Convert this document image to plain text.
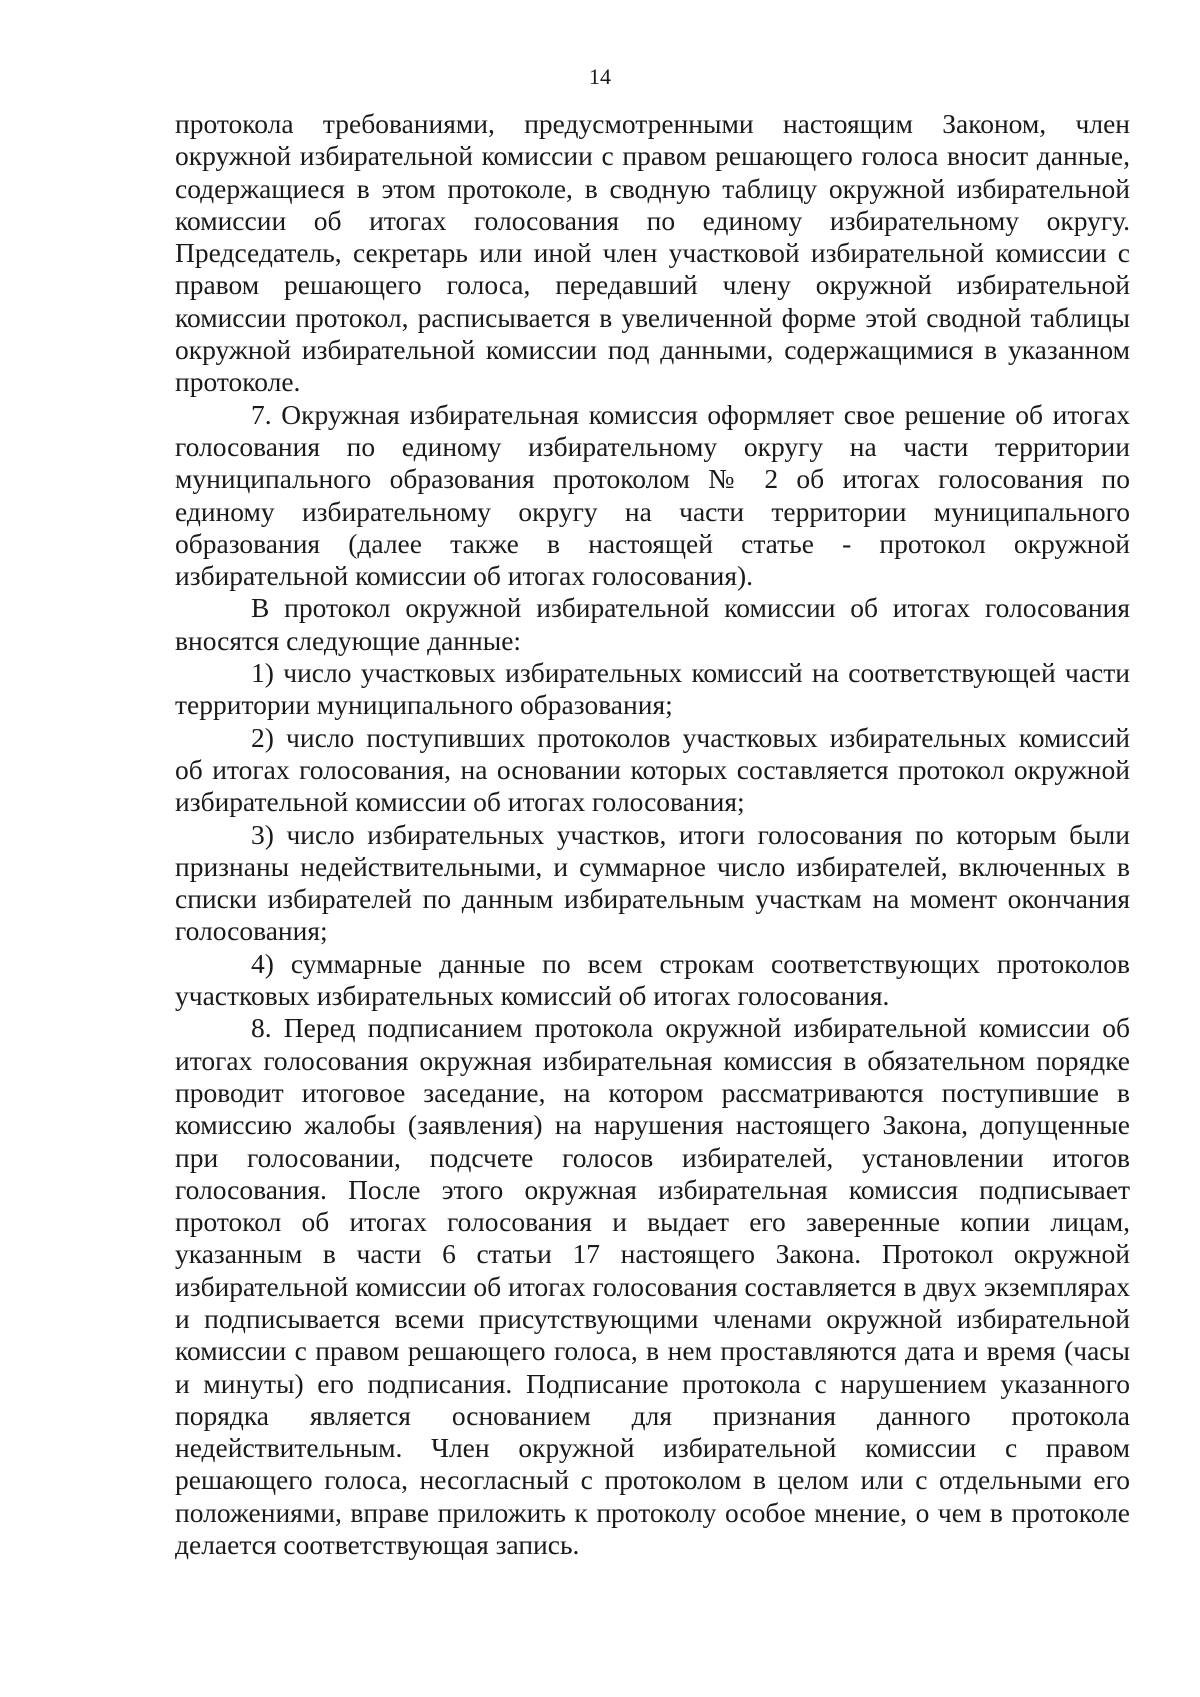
14

протокола требованиями, предусмотренными настоящим Законом, член окружной избирательной комиссии с правом решающего голоса вносит данные, содержащиеся в этом протоколе, в сводную таблицу окружной избирательной комиссии об итогах голосования по единому избирательному округу. Председатель, секретарь или иной член участковой избирательной комиссии с правом решающего голоса, передавший члену окружной избирательной комиссии протокол, расписывается в увеличенной форме этой сводной таблицы окружной избирательной комиссии под данными, содержащимися в указанном протоколе.

7. Окружная избирательная комиссия оформляет свое решение об итогах голосования по единому избирательному округу на части территории муниципального образования протоколом № 2 об итогах голосования по единому избирательному округу на части территории муниципального образования (далее также в настоящей статье - протокол окружной избирательной комиссии об итогах голосования).

В протокол окружной избирательной комиссии об итогах голосования вносятся следующие данные:

1) число участковых избирательных комиссий на соответствующей части территории муниципального образования;

2) число поступивших протоколов участковых избирательных комиссий об итогах голосования, на основании которых составляется протокол окружной избирательной комиссии об итогах голосования;

3) число избирательных участков, итоги голосования по которым были признаны недействительными, и суммарное число избирателей, включенных в списки избирателей по данным избирательным участкам на момент окончания голосования;

4) суммарные данные по всем строкам соответствующих протоколов участковых избирательных комиссий об итогах голосования.

8. Перед подписанием протокола окружной избирательной комиссии об итогах голосования окружная избирательная комиссия в обязательном порядке проводит итоговое заседание, на котором рассматриваются поступившие в комиссию жалобы (заявления) на нарушения настоящего Закона, допущенные при голосовании, подсчете голосов избирателей, установлении итогов голосования. После этого окружная избирательная комиссия подписывает протокол об итогах голосования и выдает его заверенные копии лицам, указанным в части 6 статьи 17 настоящего Закона. Протокол окружной избирательной комиссии об итогах голосования составляется в двух экземплярах и подписывается всеми присутствующими членами окружной избирательной комиссии с правом решающего голоса, в нем проставляются дата и время (часы и минуты) его подписания. Подписание протокола с нарушением указанного порядка является основанием для признания данного протокола недействительным. Член окружной избирательной комиссии с правом решающего голоса, несогласный с протоколом в целом или с отдельными его положениями, вправе приложить к протоколу особое мнение, о чем в протоколе делается соответствующая запись.
